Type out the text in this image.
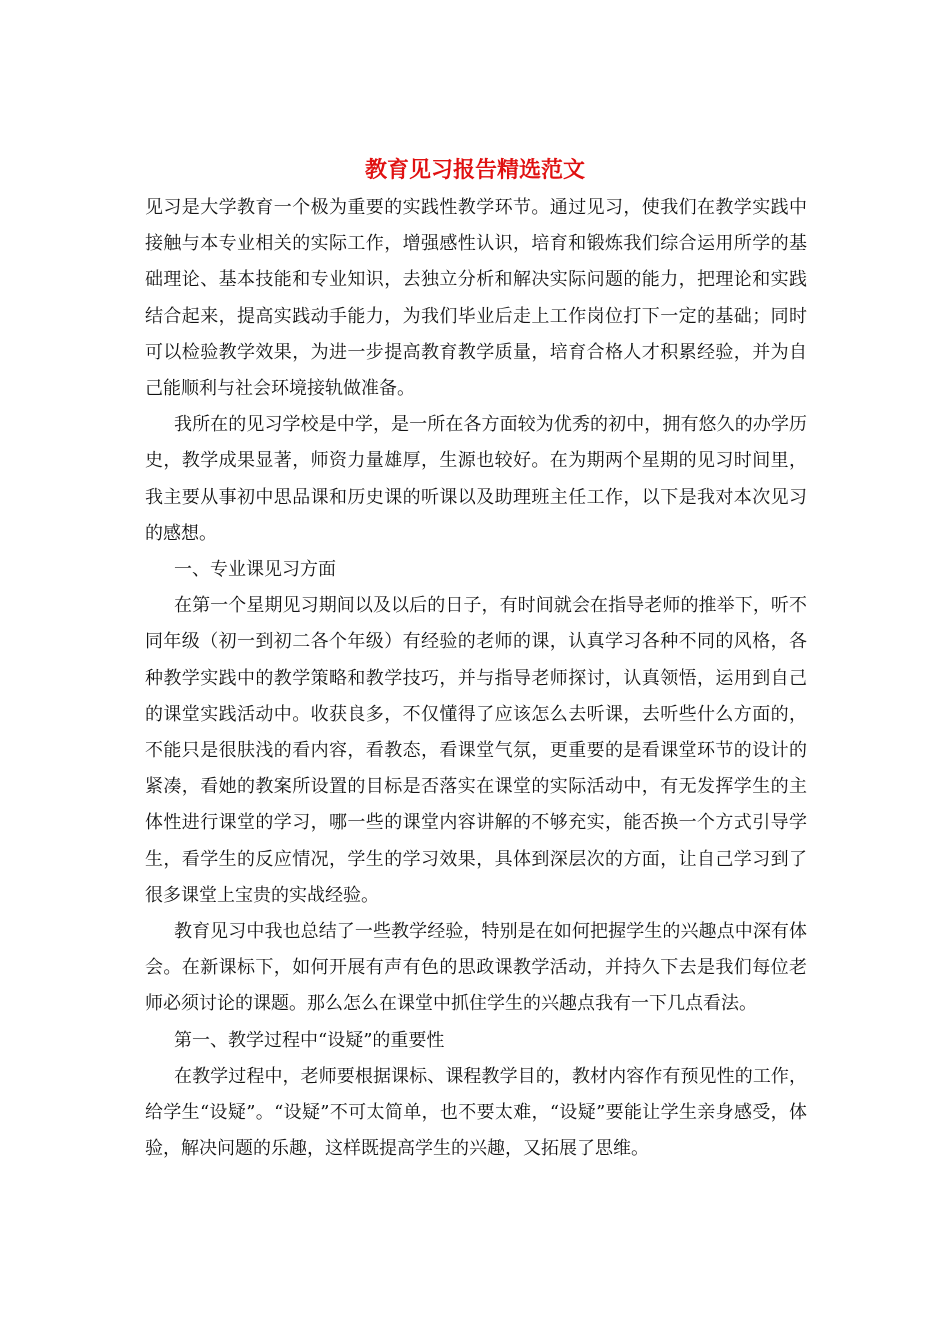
教育见习报告精选范文

见习是大学教育一个极为重要的实践性教学环节。通过见习，使我们在教学实践中接触与本专业相关的实际工作，增强感性认识，培育和锻炼我们综合运用所学的基础理论、基本技能和专业知识，去独立分析和解决实际问题的能力，把理论和实践结合起来，提高实践动手能力，为我们毕业后走上工作岗位打下一定的基础；同时可以检验教学效果，为进一步提高教育教学质量，培育合格人才积累经验，并为自己能顺利与社会环境接轨做准备。

我所在的见习学校是中学，是一所在各方面较为优秀的初中，拥有悠久的办学历史，教学成果显著，师资力量雄厚，生源也较好。在为期两个星期的见习时间里，我主要从事初中思品课和历史课的听课以及助理班主任工作，以下是我对本次见习的感想。

一、专业课见习方面

在第一个星期见习期间以及以后的日子，有时间就会在指导老师的推举下，听不同年级（初一到初二各个年级）有经验的老师的课，认真学习各种不同的风格，各种教学实践中的教学策略和教学技巧，并与指导老师探讨，认真领悟，运用到自己的课堂实践活动中。收获良多，不仅懂得了应该怎么去听课，去听些什么方面的，不能只是很肤浅的看内容，看教态，看课堂气氛，更重要的是看课堂环节的设计的紧凑，看她的教案所设置的目标是否落实在课堂的实际活动中，有无发挥学生的主体性进行课堂的学习，哪一些的课堂内容讲解的不够充实，能否换一个方式引导学生，看学生的反应情况，学生的学习效果，具体到深层次的方面，让自己学习到了很多课堂上宝贵的实战经验。

教育见习中我也总结了一些教学经验，特别是在如何把握学生的兴趣点中深有体会。在新课标下，如何开展有声有色的思政课教学活动，并持久下去是我们每位老师必须讨论的课题。那么怎么在课堂中抓住学生的兴趣点我有一下几点看法。

第一、教学过程中“设疑”的重要性

在教学过程中，老师要根据课标、课程教学目的，教材内容作有预见性的工作，给学生“设疑”。“设疑”不可太简单，也不要太难，“设疑”要能让学生亲身感受，体验，解决问题的乐趣，这样既提高学生的兴趣，又拓展了思维。
